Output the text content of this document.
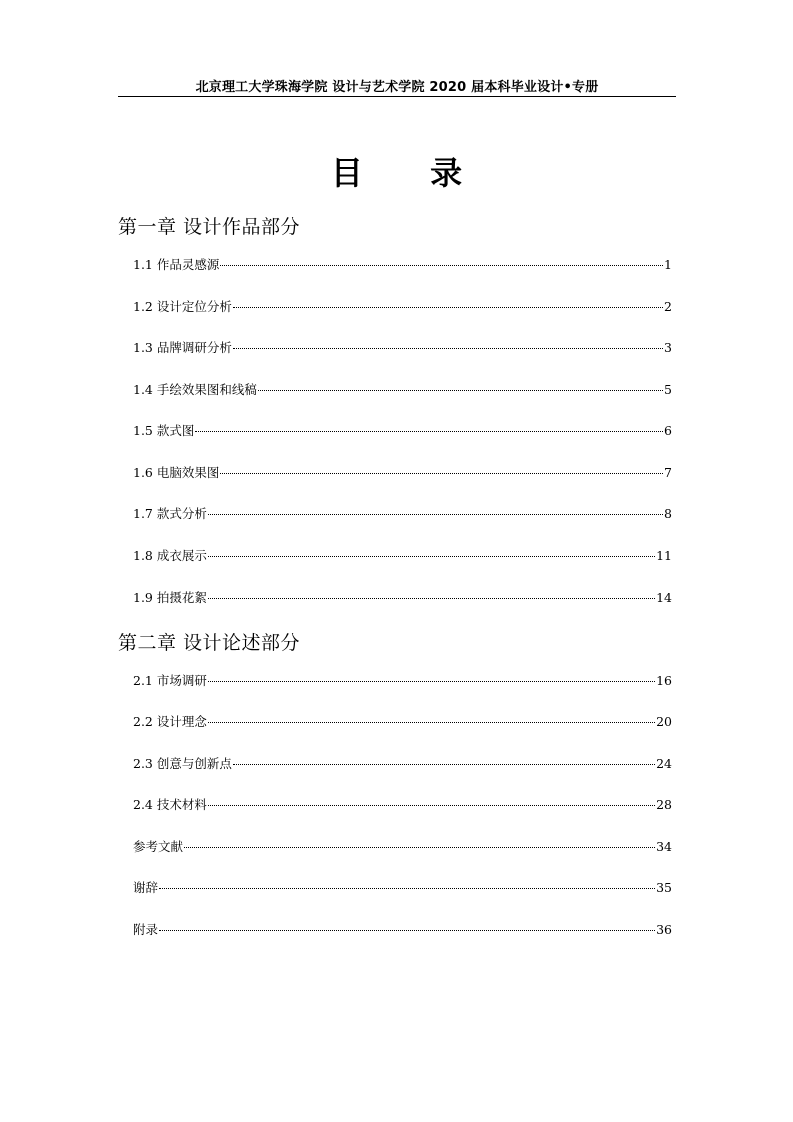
北京理工大学珠海学院 设计与艺术学院 2020 届本科毕业设计•专册
目 录
第一章 设计作品部分
1.1 作品灵感源	1
1.2 设计定位分析	2
1.3 品牌调研分析	3
1.4 手绘效果图和线稿	5
1.5 款式图	6
1.6 电脑效果图	7
1.7 款式分析	8
1.8 成衣展示	11
1.9 拍摄花絮	14
第二章 设计论述部分
2.1 市场调研	16
2.2 设计理念	20
2.3 创意与创新点	24
2.4 技术材料	28
参考文献	34
谢辞	35
附录	36
